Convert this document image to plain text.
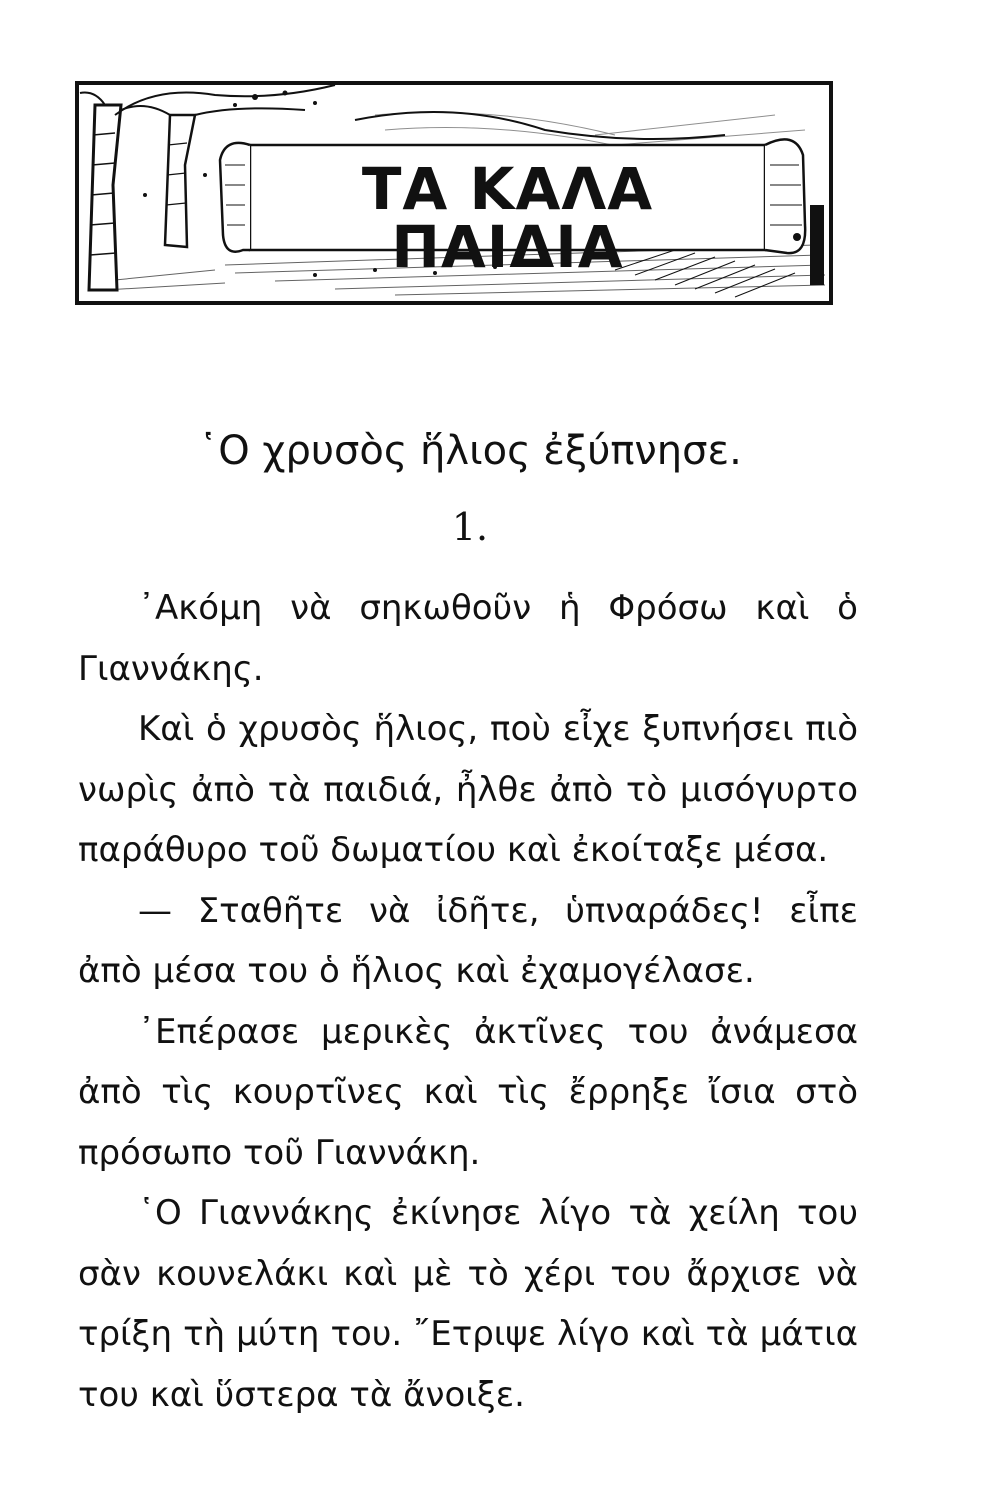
ΤΑ ΚΑΛΑ ΠΑΙΔΙΑ
῾Ο χρυσὸς ἥλιος ἐξύπνησε.
1.

᾿Ακόμη νὰ σηκωθοῦν ἡ Φρόσω καὶ ὁ Γιαννάκης.

Καὶ ὁ χρυσὸς ἥλιος, ποὺ εἶχε ξυπνήσει πιὸ νωρὶς ἀπὸ τὰ παιδιά, ἦλθε ἀπὸ τὸ μισόγυρτο παράθυρο τοῦ δωματίου καὶ ἐκοίταξε μέσα.

— Σταθῆτε νὰ ἰδῆτε, ὑπναράδες! εἶπε ἀπὸ μέσα του ὁ ἥλιος καὶ ἐχαμογέλασε.

᾿Επέρασε μερικὲς ἀκτῖνες του ἀνάμεσα ἀπὸ τὶς κουρτῖνες καὶ τὶς ἔρρηξε ἴσια στὸ πρόσωπο τοῦ Γιαννάκη.

῾Ο Γιαννάκης ἐκίνησε λίγο τὰ χείλη του σὰν κουνελάκι καὶ μὲ τὸ χέρι του ἄρχισε νὰ τρίξη τὴ μύτη του. ῎Ετριψε λίγο καὶ τὰ μάτια του καὶ ὕστερα τὰ ἄνοιξε.
